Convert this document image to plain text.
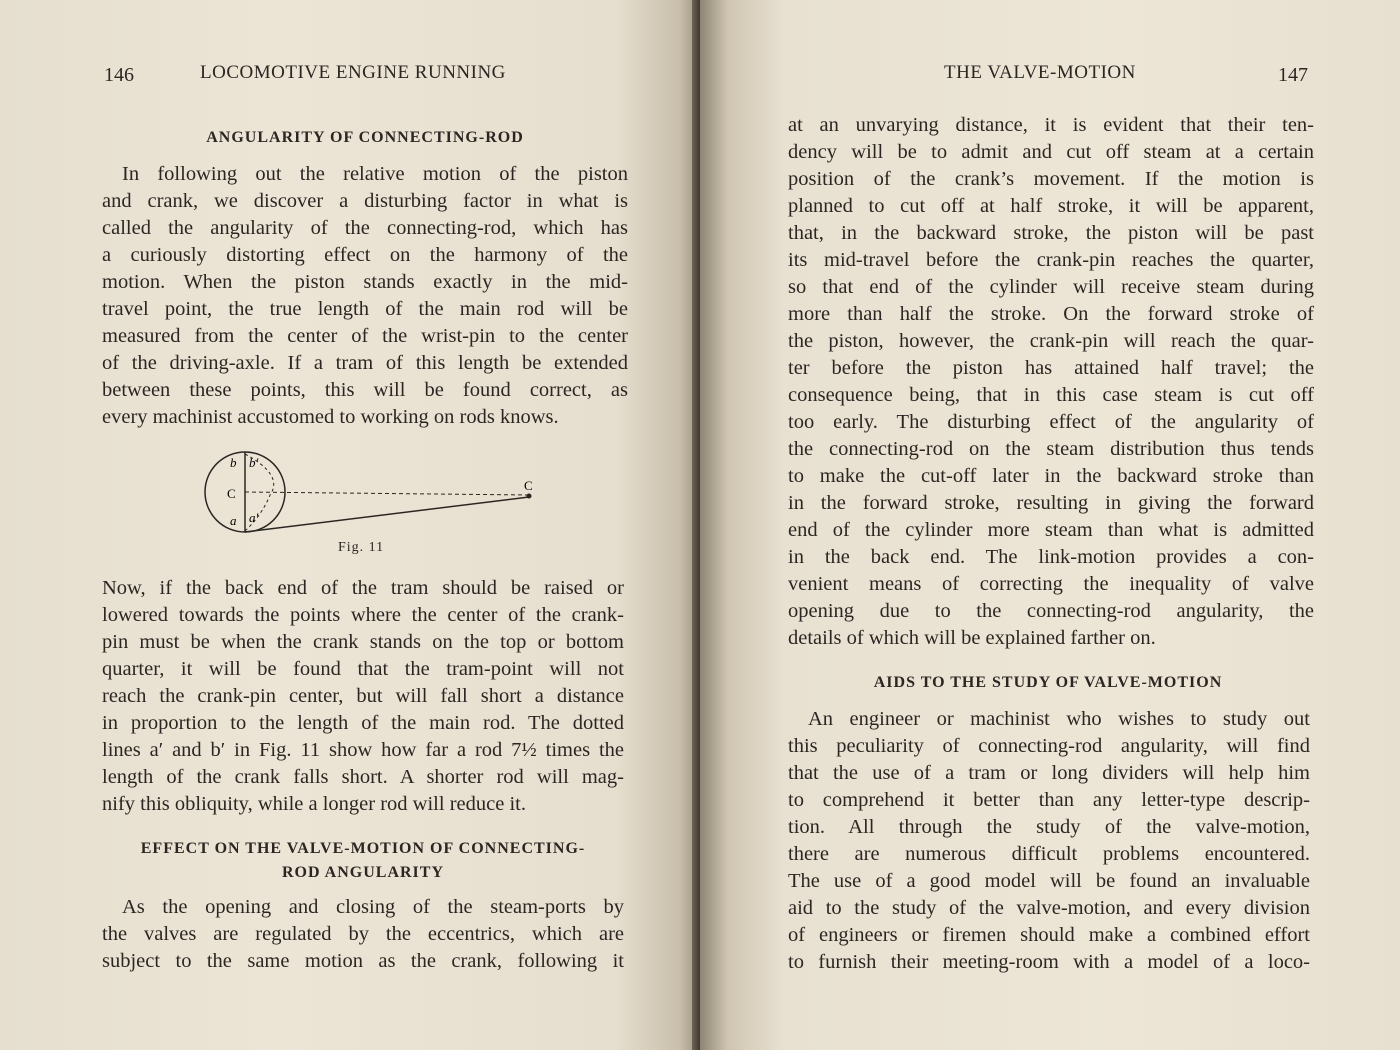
146	LOCOMOTIVE ENGINE RUNNING
ANGULARITY OF CONNECTING-ROD
In following out the relative motion of the piston
and crank, we discover a disturbing factor in what is
called the angularity of the connecting-rod, which has
a curiously distorting effect on the harmony of the
motion. When the piston stands exactly in the mid-
travel point, the true length of the main rod will be
measured from the center of the wrist-pin to the center
of the driving-axle. If a tram of this length be extended
between these points, this will be found correct, as
every machinist accustomed to working on rods knows.
b b′
C
C
a a′
Fig. 11
Now, if the back end of the tram should be raised or
lowered towards the points where the center of the crank-
pin must be when the crank stands on the top or bottom
quarter, it will be found that the tram-point will not
reach the crank-pin center, but will fall short a distance
in proportion to the length of the main rod. The dotted
lines a′ and b′ in Fig. 11 show how far a rod 7½ times the
length of the crank falls short. A shorter rod will mag-
nify this obliquity, while a longer rod will reduce it.
EFFECT ON THE VALVE-MOTION OF CONNECTING-
ROD ANGULARITY
As the opening and closing of the steam-ports by
the valves are regulated by the eccentrics, which are
subject to the same motion as the crank, following it
THE VALVE-MOTION	147
at an unvarying distance, it is evident that their ten-
dency will be to admit and cut off steam at a certain
position of the crank’s movement. If the motion is
planned to cut off at half stroke, it will be apparent,
that, in the backward stroke, the piston will be past
its mid-travel before the crank-pin reaches the quarter,
so that end of the cylinder will receive steam during
more than half the stroke. On the forward stroke of
the piston, however, the crank-pin will reach the quar-
ter before the piston has attained half travel; the
consequence being, that in this case steam is cut off
too early. The disturbing effect of the angularity of
the connecting-rod on the steam distribution thus tends
to make the cut-off later in the backward stroke than
in the forward stroke, resulting in giving the forward
end of the cylinder more steam than what is admitted
in the back end. The link-motion provides a con-
venient means of correcting the inequality of valve
opening due to the connecting-rod angularity, the
details of which will be explained farther on.
AIDS TO THE STUDY OF VALVE-MOTION
An engineer or machinist who wishes to study out
this peculiarity of connecting-rod angularity, will find
that the use of a tram or long dividers will help him
to comprehend it better than any letter-type descrip-
tion. All through the study of the valve-motion,
there are numerous difficult problems encountered.
The use of a good model will be found an invaluable
aid to the study of the valve-motion, and every division
of engineers or firemen should make a combined effort
to furnish their meeting-room with a model of a loco-
